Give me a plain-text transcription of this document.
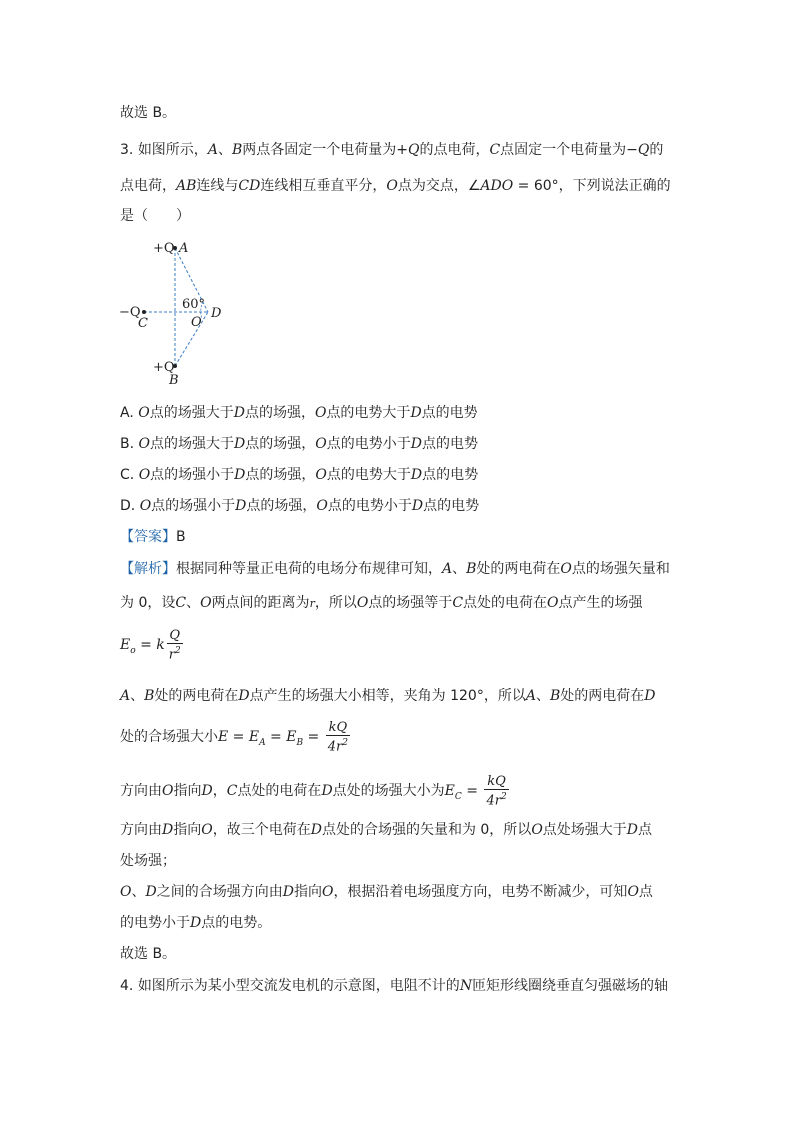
故选 B。
3. 如图所示，A、B两点各固定一个电荷量为+Q的点电荷，C点固定一个电荷量为−Q的
点电荷，AB连线与CD连线相互垂直平分，O点为交点，∠ADO = 60°，下列说法正确的
是（　　）
+Q A
−Q
C
60°
O
D
+Q
B
A. O点的场强大于D点的场强，O点的电势大于D点的电势
B. O点的场强大于D点的场强，O点的电势小于D点的电势
C. O点的场强小于D点的场强，O点的电势大于D点的电势
D. O点的场强小于D点的场强，O点的电势小于D点的电势
【答案】B
【解析】根据同种等量正电荷的电场分布规律可知，A、B处的两电荷在O点的场强矢量和
为 0，设C、O两点间的距离为r，所以O点的场强等于C点处的电荷在O点产生的场强
$E_o = k \frac{Q}{r^2}$
A、B处的两电荷在D点产生的场强大小相等，夹角为 120°，所以A、B处的两电荷在D
处的合场强大小$E = E_A = E_B = \frac{kQ}{4r^2}$
方向由O指向D，C点处的电荷在D点处的场强大小为$E_C = \frac{kQ}{4r^2}$
方向由D指向O，故三个电荷在D点处的合场强的矢量和为 0，所以O点处场强大于D点
处场强；
O、D之间的合场强方向由D指向O，根据沿着电场强度方向，电势不断减少，可知O点
的电势小于D点的电势。
故选 B。
4. 如图所示为某小型交流发电机的示意图，电阻不计的N匝矩形线圈绕垂直匀强磁场的轴
